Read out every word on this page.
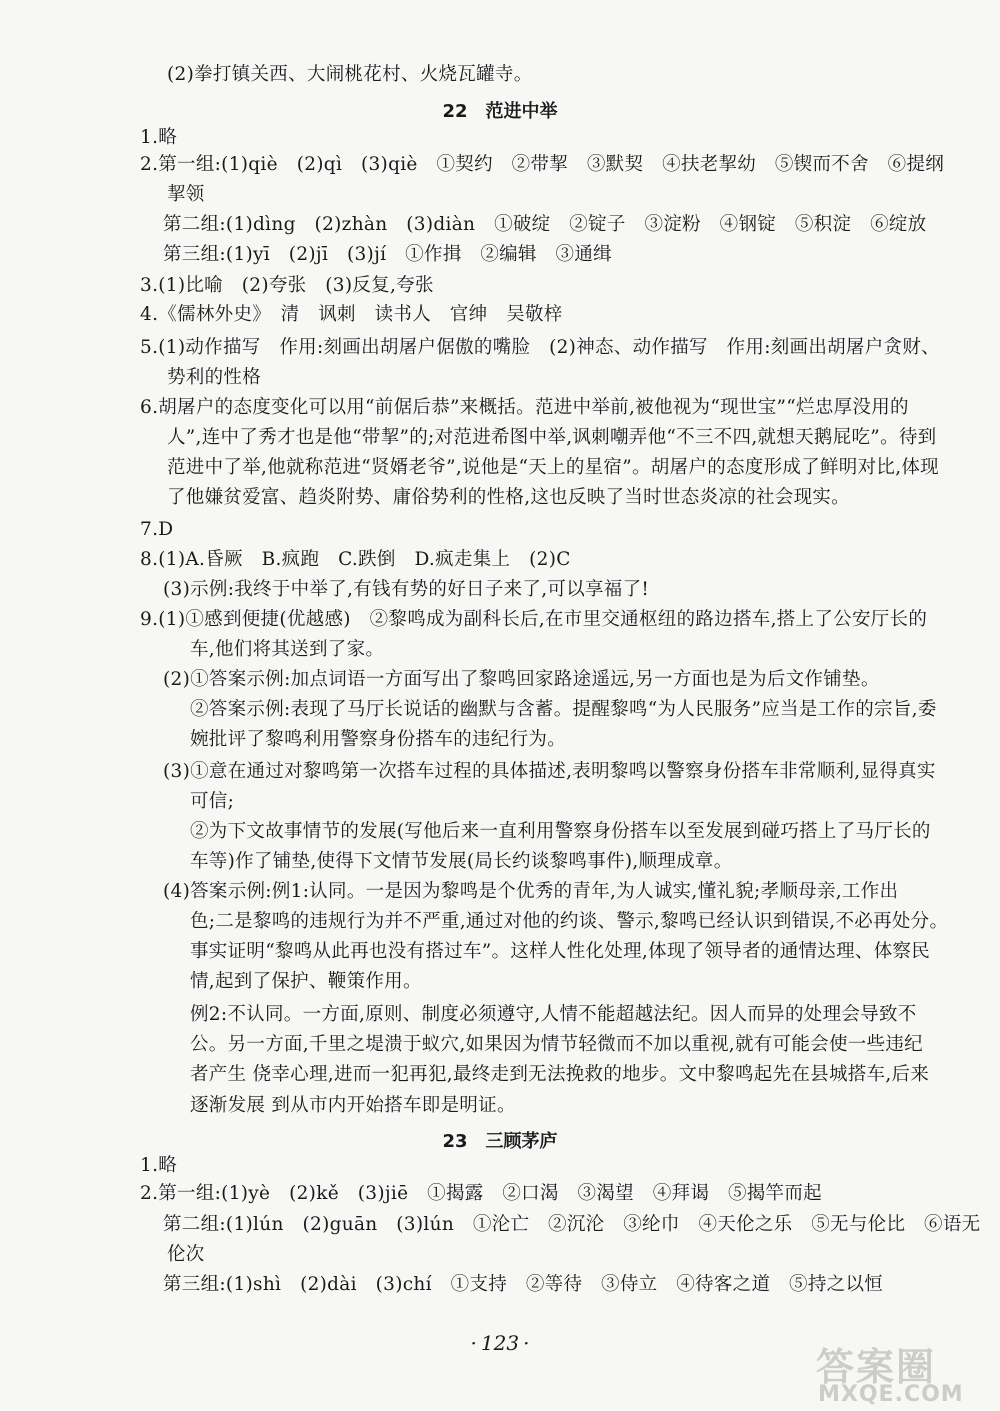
(2)拳打镇关西、大闹桃花村、火烧瓦罐寺。
22 范进中举
1.略
2.第一组:(1)qiè　(2)qì　(3)qiè　①契约　②带挈　③默契　④扶老挈幼　⑤锲而不舍　⑥提纲
挈领
第二组:(1)dìng　(2)zhàn　(3)diàn　①破绽　②锭子　③淀粉　④钢锭　⑤积淀　⑥绽放
第三组:(1)yī　(2)jī　(3)jí　①作揖　②编辑　③通缉
3.(1)比喻　(2)夸张　(3)反复,夸张
4.《儒林外史》　清　讽刺　读书人　官绅　吴敬梓
5.(1)动作描写　作用:刻画出胡屠户倨傲的嘴脸　(2)神态、动作描写　作用:刻画出胡屠户贪财、
势利的性格
6.胡屠户的态度变化可以用“前倨后恭”来概括。范进中举前,被他视为“现世宝”“烂忠厚没用的
人”,连中了秀才也是他“带挈”的;对范进希图中举,讽刺嘲弄他“不三不四,就想天鹅屁吃”。待到
范进中了举,他就称范进“贤婿老爷”,说他是“天上的星宿”。胡屠户的态度形成了鲜明对比,体现
了他嫌贫爱富、趋炎附势、庸俗势利的性格,这也反映了当时世态炎凉的社会现实。
7.D
8.(1)A.昏厥　B.疯跑　C.跌倒　D.疯走集上　(2)C
(3)示例:我终于中举了,有钱有势的好日子来了,可以享福了!
9.(1)①感到便捷(优越感)　②黎鸣成为副科长后,在市里交通枢纽的路边搭车,搭上了公安厅长的
车,他们将其送到了家。
(2)①答案示例:加点词语一方面写出了黎鸣回家路途遥远,另一方面也是为后文作铺垫。
②答案示例:表现了马厅长说话的幽默与含蓄。提醒黎鸣“为人民服务”应当是工作的宗旨,委
婉批评了黎鸣利用警察身份搭车的违纪行为。
(3)①意在通过对黎鸣第一次搭车过程的具体描述,表明黎鸣以警察身份搭车非常顺利,显得真实
可信;
②为下文故事情节的发展(写他后来一直利用警察身份搭车以至发展到碰巧搭上了马厅长的
车等)作了铺垫,使得下文情节发展(局长约谈黎鸣事件),顺理成章。
(4)答案示例:例1:认同。一是因为黎鸣是个优秀的青年,为人诚实,懂礼貌;孝顺母亲,工作出
色;二是黎鸣的违规行为并不严重,通过对他的约谈、警示,黎鸣已经认识到错误,不必再处分。
事实证明“黎鸣从此再也没有搭过车”。这样人性化处理,体现了领导者的通情达理、体察民
情,起到了保护、鞭策作用。
例2:不认同。一方面,原则、制度必须遵守,人情不能超越法纪。因人而异的处理会导致不
公。另一方面,千里之堤溃于蚁穴,如果因为情节轻微而不加以重视,就有可能会使一些违纪
者产生 侥幸心理,进而一犯再犯,最终走到无法挽救的地步。文中黎鸣起先在县城搭车,后来
逐渐发展 到从市内开始搭车即是明证。
23 三顾茅庐
1.略
2.第一组:(1)yè　(2)kě　(3)jiē　①揭露　②口渴　③渴望　④拜谒　⑤揭竿而起
第二组:(1)lún　(2)guān　(3)lún　①沦亡　②沉沦　③纶巾　④天伦之乐　⑤无与伦比　⑥语无
伦次
第三组:(1)shì　(2)dài　(3)chí　①支持　②等待　③侍立　④待客之道　⑤持之以恒
· 123 ·
答案圈
MXQE.COM
